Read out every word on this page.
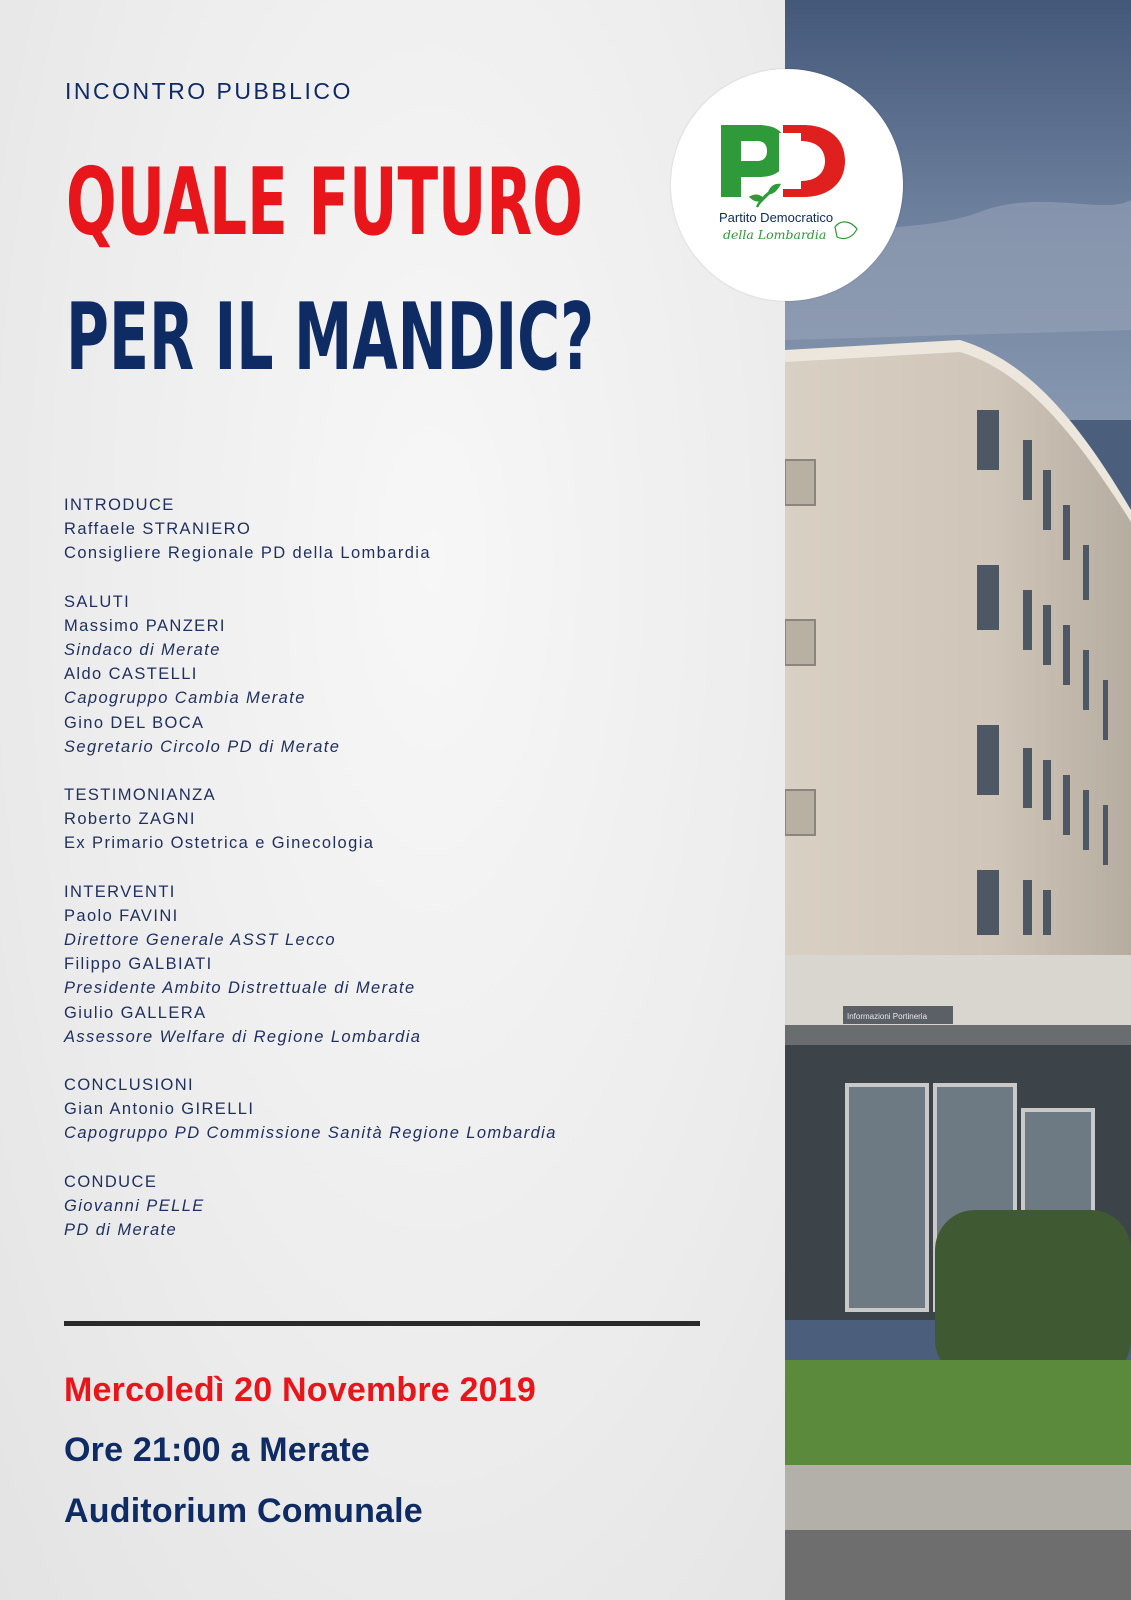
Informazioni Portineria
INCONTRO PUBBLICO
QUALE FUTURO
PER IL MANDIC?
Partito Democratico
della Lombardia
INTRODUCE
Raffaele STRANIERO
Consigliere Regionale PD della Lombardia
SALUTI
Massimo PANZERI
Sindaco di Merate
Aldo CASTELLI
Capogruppo Cambia Merate
Gino DEL BOCA
Segretario Circolo PD di Merate
TESTIMONIANZA
Roberto ZAGNI
Ex Primario Ostetrica e Ginecologia
INTERVENTI
Paolo FAVINI
Direttore Generale ASST Lecco
Filippo GALBIATI
Presidente Ambito Distrettuale di Merate
Giulio GALLERA
Assessore Welfare di Regione Lombardia
CONCLUSIONI
Gian Antonio GIRELLI
Capogruppo PD Commissione Sanità Regione Lombardia
CONDUCE
Giovanni PELLE
PD di Merate
Mercoledì 20 Novembre 2019
Ore 21:00 a Merate
Auditorium Comunale
